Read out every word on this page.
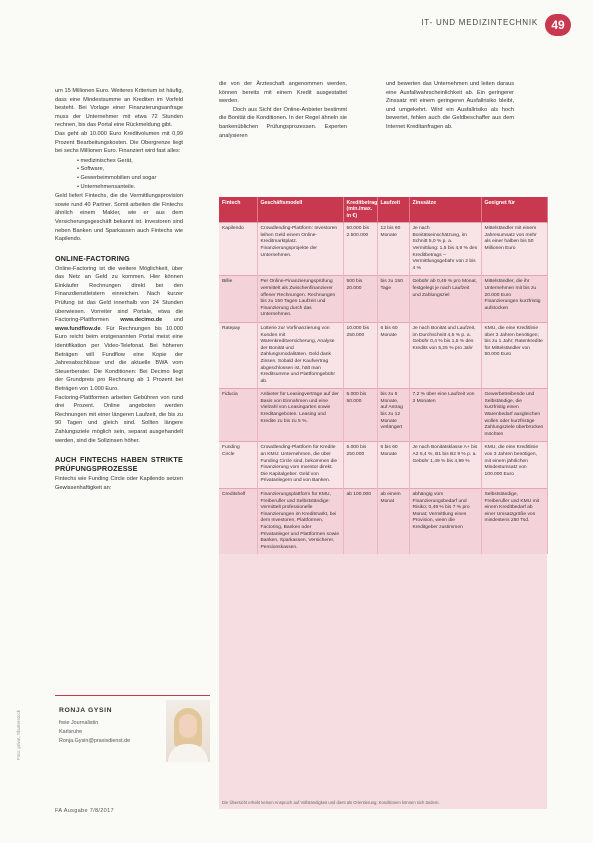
IT- UND MEDIZINTECHNIK	49

um 15 Millionen Euro. Weiteres Kriterium ist häufig, dass eine Mindestsumme an Krediten im Vorfeld besteht. Bei Vorlage einer Finanzierungsanfrage muss der Unternehmer mit etwa 72 Stunden rechnen, bis das Portal eine Rückmeldung gibt.

Das geht ab 10.000 Euro Kreditvolumen mit 0,99 Prozent Bearbeitungskosten. Die Obergrenze liegt bei sechs Millionen Euro. Finanziert wird fast alles:

• medizinisches Gerät,
• Software,
• Gewerbeimmobilien und sogar
• Unternehmensanteile.

Geld liefert Fintechs, die die Vermittlungsprovision sowie rund 40 Partner. Somit arbeiten die Fintechs ähnlich einem Makler, wie er aus dem Versicherungsgeschäft bekannt ist. Investoren sind neben Banken und Sparkassen auch Fintechs wie Kapilendo.

ONLINE-FACTORING

Online-Factoring ist die weitere Möglichkeit, über das Netz an Geld zu kommen. Hier können Einkäufer Rechnungen direkt bei den Finanzdienstleistern einreichen. Nach kurzer Prüfung ist das Geld innerhalb von 24 Stunden überwiesen. Vorreiter sind Portale, etwa die Factoring-Plattformen www.decimo.de und www.fundflow.de. Für Rechnungen bis 10.000 Euro reicht beim erstgenannten Portal meist eine Identifikation per Video-Telefonat. Bei höheren Beträgen will Fundflow eine Kopie der Jahresabschlüsse und die aktuelle BWA vom Steuerberater. Die Konditionen: Bei Decimo liegt der Grundpreis pro Rechnung ab 1 Prozent bei Beträgen von 1.000 Euro.

Factoring-Plattformen arbeiten Gebühren von rund drei Prozent. Online angeboten werden Rechnungen mit einer längeren Laufzeit, die bis zu 90 Tagen und gleich sind. Sollten längere Zahlungsziele möglich sein, separat ausgehandelt werden, sind die Sollzinsen höher.

AUCH FINTECHS HABEN STRIKTE PRÜFUNGSPROZESSE

Fintechs wie Funding Circle oder Kapilendo setzen Gewissenhaftigkeit an:

die von der Ärzteschaft angenommen werden, können bereits mit einem Kredit ausgestattet werden.

Doch aus Sicht der Online-Anbieter bestimmt die Bonität die Konditionen. In der Regel ähneln sie bankenüblichen Prüfungsprozessen. Experten analysieren

und bewerten das Unternehmen und leiten daraus eine Ausfallwahrscheinlichkeit ab. Ein geringerer Zinssatz mit einem geringeren Ausfallrisiko bleibt, und umgekehrt. Wird ein Ausfallrisiko als hoch bewertet, fehlen auch die Geldbeschaffer aus dem Internet Kreditanfragen ab.

Fintech	Geschäftsmodell	Kreditbetrag (min./max. in €)	Laufzeit	Zinssätze	Geeignet für
Kapilendo	Crowdlending-Plattform: Investoren leihen Geld einem Online-Kreditmarktplatz. Finanzierungsprojekte der Unternehmen.	50.000 bis 2.500.000	12 bis 60 Monate	Je nach Bonitätseinschätzung, im Schnitt 5,0 % p. a. Vermittlung: 1,5 bis 4,9 % des Kreditbetrags – Vermittlungsgebühr von 2 bis 4 %	Mittelständler mit einem Jahresumsatz von mehr als einer halben bis 50 Millionen Euro
Billie	Per Online-Finanzierungsprüfung vermittelt als Zwischenfinanzierer offener Rechnungen. Rechnungen bis zu 150 Tagen Laufzeit und Finanzierung durch das Unternehmen.	500 bis 20.000	bis zu 150 Tage	Gebühr ab 0,49 % pro Monat, festgelegt je nach Laufzeit und Zahlungsziel	Mittelständler, die ihr Unternehmen mit bis zu 20.000 Euro Finanzierungen kurzfristig aufstocken
Ratepay	Lotterie zur Vorfinanzierung von Kunden mit Warenkreditversicherung, Analyse der Bonität und Zahlungsmodalitäten. Geld dank Zinsen. Sobald der Kaufvertrag abgeschlossen ist, hält man Kreditsumme und Plattformgebühr ab.	10.000 bis 250.000	6 bis 60 Monate	Je nach Bonität und Laufzeit, im Durchschnitt 4,5 % p. a. Gebühr 0,4 % bis 1,5 % des Kredits von 5,25 % pro Jahr	KMU, die eine Kreditlinie über 3 Jahren benötigen; bis zu 1 Jahr; Ratenkredite für Mittelständler von 50.000 Euro
Fiducia	Anbieter für Leasingverträge auf der Basis von Einnahmen und eine Vielzahl von Leasingarten sowie Kreditangeboten. Leasing und Kredite zu bis zu 5 %.	5.000 bis 50.000	bis zu 6 Monate, auf Antrag bis zu 12 Monate verlängert	7,2 % über eine Laufzeit von 3 Monaten	Gewerbetreibende und Selbständige, die kurzfristig einen Warenbedarf ausgleichen wollen oder kurzfristige Zahlungsziele überbrücken möchten
Funding Circle	Crowdlending-Plattform für Kredite an KMU: Unternehmen, die über Funding Circle sind, bekommen die Finanzierung vom Investor direkt. Die Kapitalgeber. Geld von Privatanlegern und von Banken.	5.000 bis 250.000	6 bis 60 Monate	Je nach Bonitätsklasse A+ bis A2 5,4 %, B1 bis B2 9 % p. a. Gebühr 1,49 % bis 4,99 %	KMU, die eine Kreditlinie von 3 Jahren benötigen, mit einem jährlichen Mindestumsatz von 100.000 Euro
Creditshelf	Finanzierungsplattform für KMU, Freiberufler und Selbstständige: Vermittelt professionelle Finanzierungen im Kreditmarkt, bei dem Investoren, Plattformen, Factoring, Banken oder Privatanleger und Plattformen sowie Banken, Sparkassen, Versicherer, Pensionskassen.	ab 100.000	ab einem Monat	abhängig vom Finanzierungsbedarf und Risiko; 0,49 % bis 7 % pro Monat; Vermittlung eines Provision, wenn die Kreditgeber zustimmen	Selbstständige, Freiberufler und KMU mit einem Kreditbedarf ab einer Umsatzgröße von mindestens 250 Tsd.
Die Übersicht erhebt keinen Anspruch auf Vollständigkeit und dient als Orientierung; Konditionen können sich ändern.
RONJA GYSIN
freie Journalistin
Karlsruhe
Ronja.Gysin@praxisdienst.de
Foto: privat, Shutterstock
FA Ausgabe 7/8/2017
